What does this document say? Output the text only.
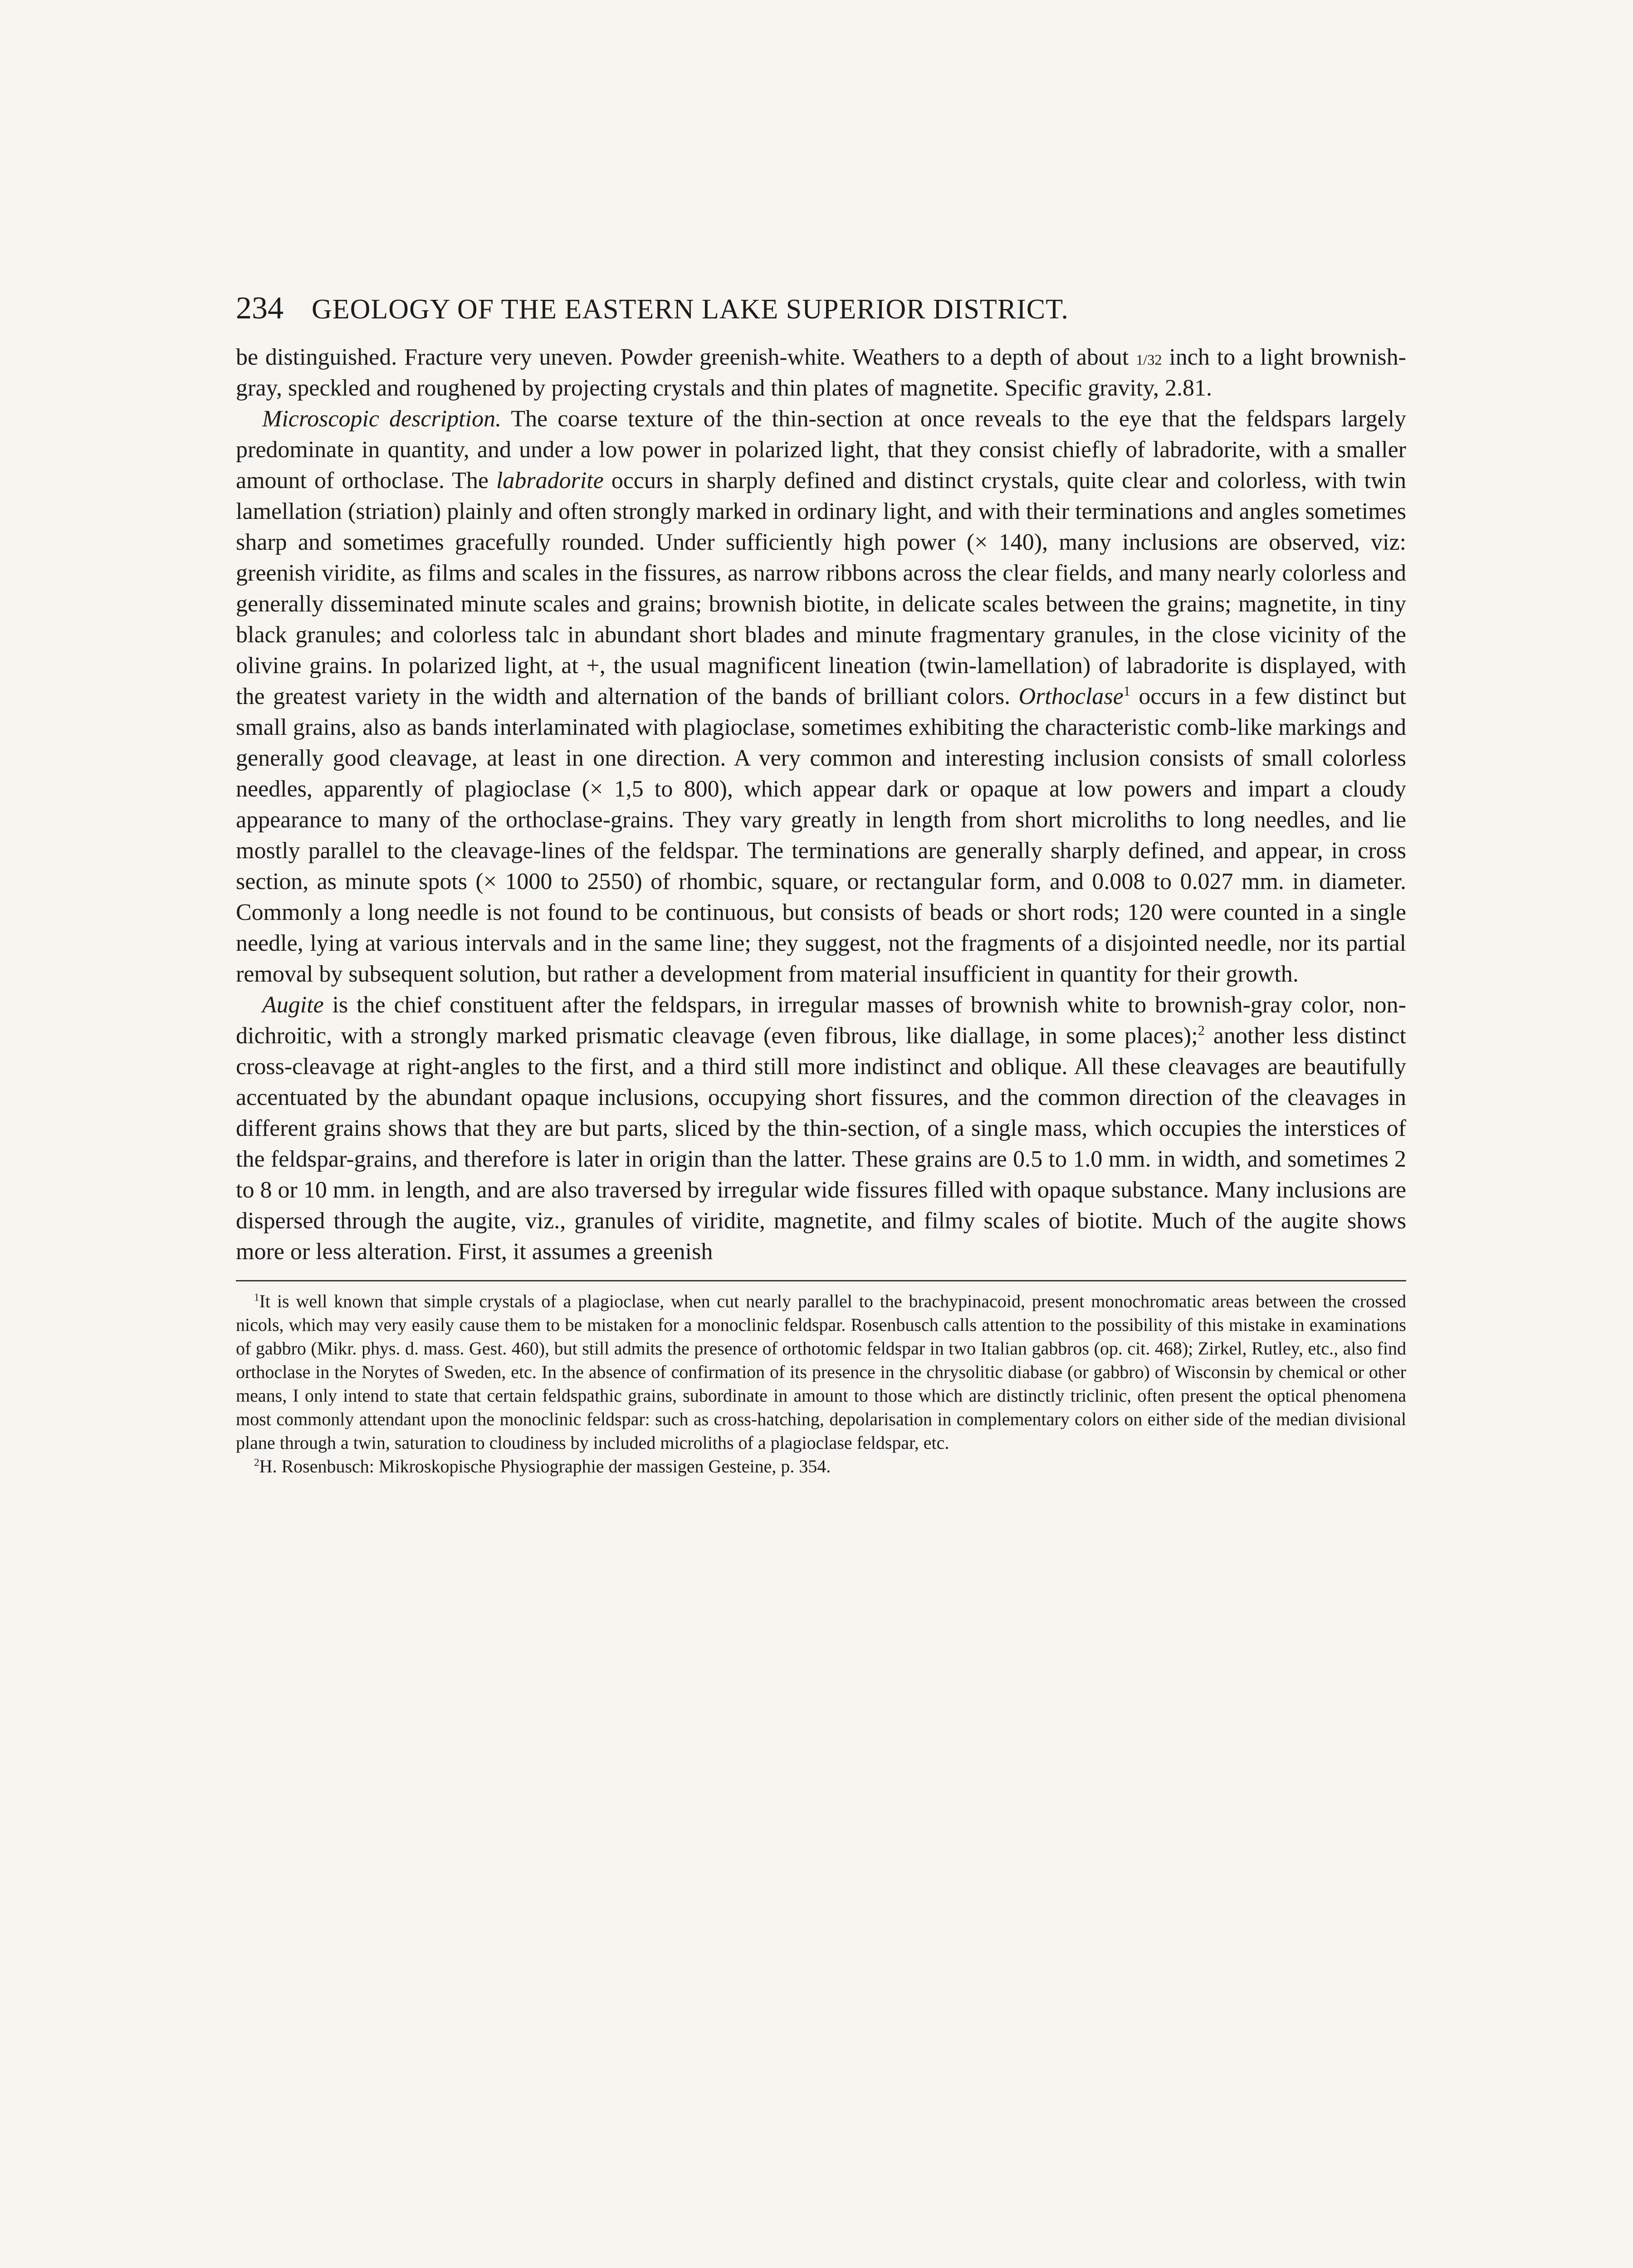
234 GEOLOGY OF THE EASTERN LAKE SUPERIOR DISTRICT.

be distinguished. Fracture very uneven. Powder greenish-white. Weathers to a depth of about 1/32 inch to a light brownish-gray, speckled and roughened by projecting crystals and thin plates of magnetite. Specific gravity, 2.81.

Microscopic description. The coarse texture of the thin-section at once reveals to the eye that the feldspars largely predominate in quantity, and under a low power in polarized light, that they consist chiefly of labradorite, with a smaller amount of orthoclase. The labradorite occurs in sharply defined and distinct crystals, quite clear and colorless, with twin lamellation (striation) plainly and often strongly marked in ordinary light, and with their terminations and angles sometimes sharp and sometimes gracefully rounded. Under sufficiently high power (× 140), many inclusions are observed, viz: greenish viridite, as films and scales in the fissures, as narrow ribbons across the clear fields, and many nearly colorless and generally disseminated minute scales and grains; brownish biotite, in delicate scales between the grains; magnetite, in tiny black granules; and colorless talc in abundant short blades and minute fragmentary granules, in the close vicinity of the olivine grains. In polarized light, at +, the usual magnificent lineation (twin-lamellation) of labradorite is displayed, with the greatest variety in the width and alternation of the bands of brilliant colors. Orthoclase$^1$ occurs in a few distinct but small grains, also as bands interlaminated with plagioclase, sometimes exhibiting the characteristic comb-like markings and generally good cleavage, at least in one direction. A very common and interesting inclusion consists of small colorless needles, apparently of plagioclase (× 1,5 to 800), which appear dark or opaque at low powers and impart a cloudy appearance to many of the orthoclase-grains. They vary greatly in length from short microliths to long needles, and lie mostly parallel to the cleavage-lines of the feldspar. The terminations are generally sharply defined, and appear, in cross section, as minute spots (× 1000 to 2550) of rhombic, square, or rectangular form, and 0.008 to 0.027 mm. in diameter. Commonly a long needle is not found to be continuous, but consists of beads or short rods; 120 were counted in a single needle, lying at various intervals and in the same line; they suggest, not the fragments of a disjointed needle, nor its partial removal by subsequent solution, but rather a development from material insufficient in quantity for their growth.

Augite is the chief constituent after the feldspars, in irregular masses of brownish white to brownish-gray color, non-dichroitic, with a strongly marked prismatic cleavage (even fibrous, like diallage, in some places);$^2$ another less distinct cross-cleavage at right-angles to the first, and a third still more indistinct and oblique. All these cleavages are beautifully accentuated by the abundant opaque inclusions, occupying short fissures, and the common direction of the cleavages in different grains shows that they are but parts, sliced by the thin-section, of a single mass, which occupies the interstices of the feldspar-grains, and therefore is later in origin than the latter. These grains are 0.5 to 1.0 mm. in width, and sometimes 2 to 8 or 10 mm. in length, and are also traversed by irregular wide fissures filled with opaque substance. Many inclusions are dispersed through the augite, viz., granules of viridite, magnetite, and filmy scales of biotite. Much of the augite shows more or less alteration. First, it assumes a greenish

$^1$It is well known that simple crystals of a plagioclase, when cut nearly parallel to the brachypinacoid, present monochromatic areas between the crossed nicols, which may very easily cause them to be mistaken for a monoclinic feldspar. Rosenbusch calls attention to the possibility of this mistake in examinations of gabbro (Mikr. phys. d. mass. Gest. 460), but still admits the presence of orthotomic feldspar in two Italian gabbros (op. cit. 468); Zirkel, Rutley, etc., also find orthoclase in the Norytes of Sweden, etc. In the absence of confirmation of its presence in the chrysolitic diabase (or gabbro) of Wisconsin by chemical or other means, I only intend to state that certain feldspathic grains, subordinate in amount to those which are distinctly triclinic, often present the optical phenomena most commonly attendant upon the monoclinic feldspar: such as cross-hatching, depolarisation in complementary colors on either side of the median divisional plane through a twin, saturation to cloudiness by included microliths of a plagioclase feldspar, etc.

$^2$H. Rosenbusch: Mikroskopische Physiographie der massigen Gesteine, p. 354.
